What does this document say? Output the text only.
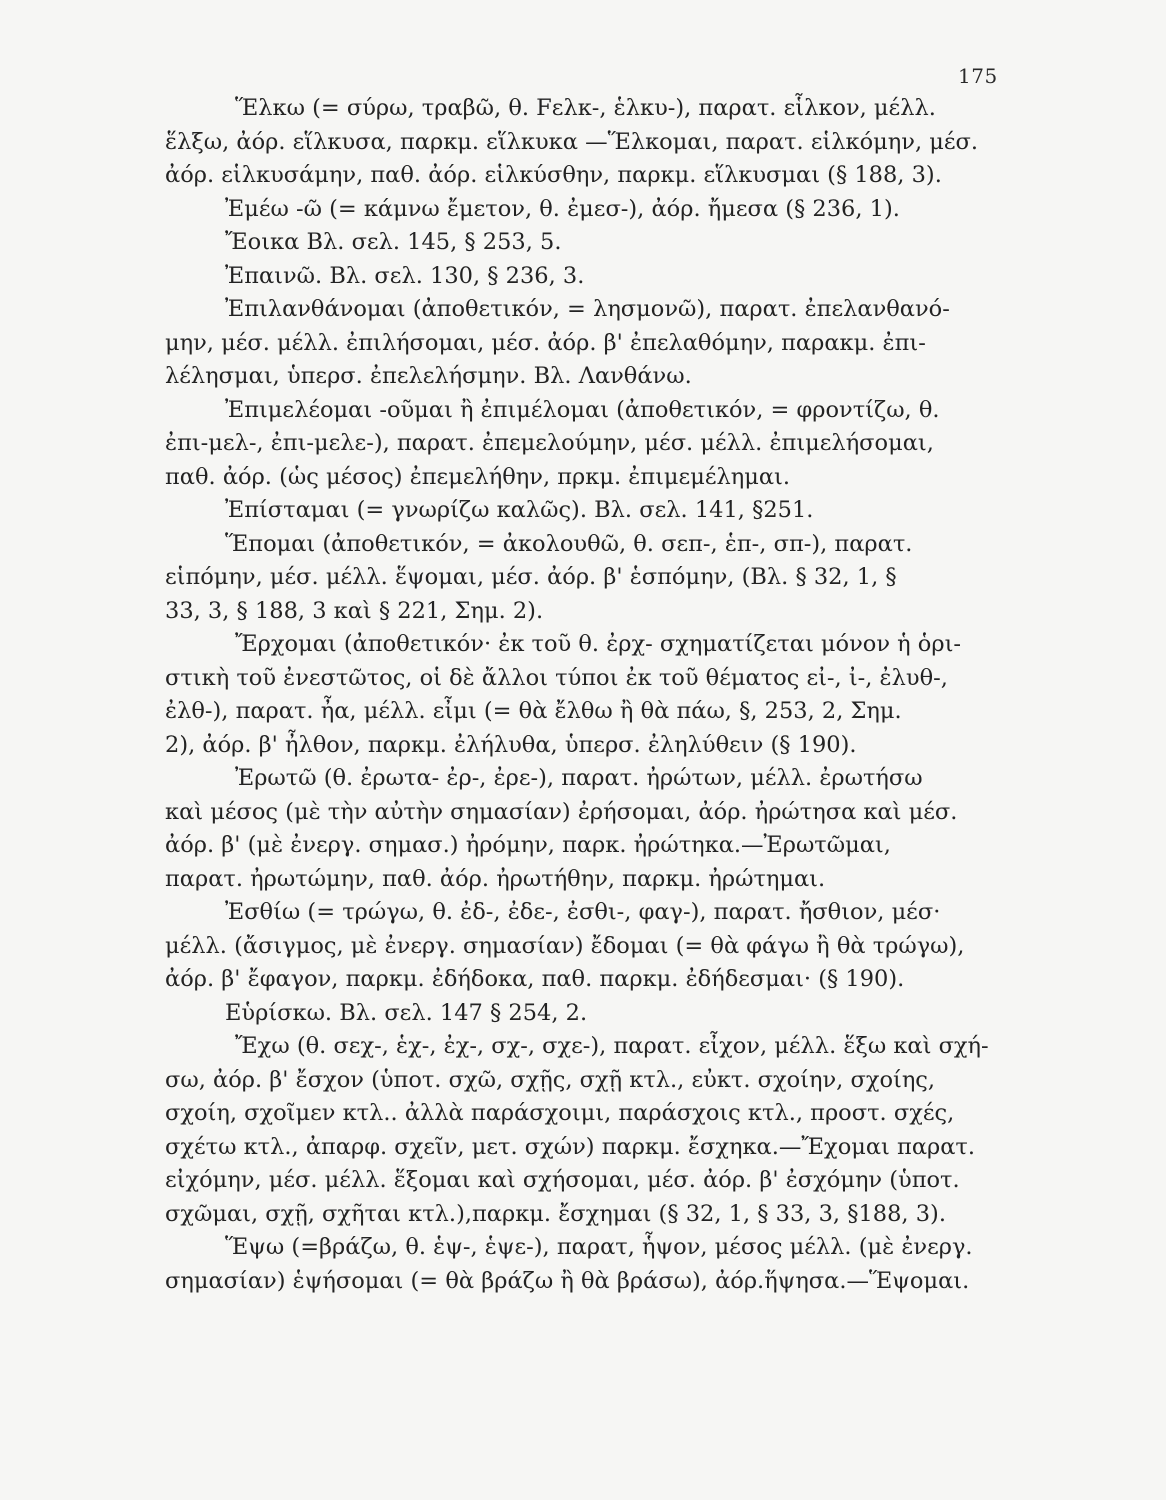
175
Ἕλκω (= σύρω, τραβῶ, θ. Fελκ-, ἑλκυ-), παρατ. εἷλκον, μέλλ.
ἕλξω, ἀόρ. εἵλκυσα, παρκμ. εἵλκυκα —Ἕλκομαι, παρατ. εἱλκόμην, μέσ.
ἀόρ. εἱλκυσάμην, παθ. ἀόρ. εἱλκύσθην, παρκμ. εἵλκυσμαι (§ 188, 3).
Ἐμέω -ῶ (= κάμνω ἔμετον, θ. ἐμεσ-), ἀόρ. ἤμεσα (§ 236, 1).
Ἔοικα Βλ. σελ. 145, § 253, 5.
Ἐπαινῶ. Βλ. σελ. 130, § 236, 3.
Ἐπιλανθάνομαι (ἀποθετικόν, = λησμονῶ), παρατ. ἐπελανθανό-
μην, μέσ. μέλλ. ἐπιλήσομαι, μέσ. ἀόρ. β' ἐπελαθόμην, παρακμ. ἐπι-
λέλησμαι, ὑπερσ. ἐπελελήσμην. Βλ. Λανθάνω.
Ἐπιμελέομαι -οῦμαι ἢ ἐπιμέλομαι (ἀποθετικόν, = φροντίζω, θ.
ἐπι-μελ-, ἐπι-μελε-), παρατ. ἐπεμελούμην, μέσ. μέλλ. ἐπιμελήσομαι,
παθ. ἀόρ. (ὡς μέσος) ἐπεμελήθην, πρκμ. ἐπιμεμέλημαι.
Ἐπίσταμαι (= γνωρίζω καλῶς). Βλ. σελ. 141, §251.
Ἕπομαι (ἀποθετικόν, = ἀκολουθῶ, θ. σεπ-, ἑπ-, σπ-), παρατ.
εἱπόμην, μέσ. μέλλ. ἕψομαι, μέσ. ἀόρ. β' ἑσπόμην, (Βλ. § 32, 1, §
33, 3, § 188, 3 καὶ § 221, Σημ. 2).
Ἔρχομαι (ἀποθετικόν· ἐκ τοῦ θ. ἐρχ- σχηματίζεται μόνον ἡ ὁρι-
στικὴ τοῦ ἐνεστῶτος, οἱ δὲ ἄλλοι τύποι ἐκ τοῦ θέματος εἰ-, ἰ-, ἐλυθ-,
ἐλθ-), παρατ. ἦα, μέλλ. εἶμι (= θὰ ἔλθω ἢ θὰ πάω, §, 253, 2, Σημ.
2), ἀόρ. β' ἦλθον, παρκμ. ἐλήλυθα, ὑπερσ. ἐληλύθειν (§ 190).
Ἐρωτῶ (θ. ἐρωτα- ἐρ-, ἐρε-), παρατ. ἠρώτων, μέλλ. ἐρωτήσω
καὶ μέσος (μὲ τὴν αὐτὴν σημασίαν) ἐρήσομαι, ἀόρ. ἠρώτησα καὶ μέσ.
ἀόρ. β' (μὲ ἐνεργ. σημασ.) ἠρόμην, παρκ. ἠρώτηκα.—Ἐρωτῶμαι,
παρατ. ἠρωτώμην, παθ. ἀόρ. ἠρωτήθην, παρκμ. ἠρώτημαι.
Ἐσθίω (= τρώγω, θ. ἐδ-, ἐδε-, ἐσθι-, φαγ-), παρατ. ἤσθιον, μέσ·
μέλλ. (ἄσιγμος, μὲ ἐνεργ. σημασίαν) ἔδομαι (= θὰ φάγω ἢ θὰ τρώγω),
ἀόρ. β' ἔφαγον, παρκμ. ἐδήδοκα, παθ. παρκμ. ἐδήδεσμαι· (§ 190).
Εὑρίσκω. Βλ. σελ. 147 § 254, 2.
Ἔχω (θ. σεχ-, ἑχ-, ἐχ-, σχ-, σχε-), παρατ. εἶχον, μέλλ. ἕξω καὶ σχή-
σω, ἀόρ. β' ἔσχον (ὑποτ. σχῶ, σχῇς, σχῇ κτλ., εὐκτ. σχοίην, σχοίης,
σχοίη, σχοῖμεν κτλ.. ἀλλὰ παράσχοιμι, παράσχοις κτλ., προστ. σχές,
σχέτω κτλ., ἀπαρφ. σχεῖν, μετ. σχών) παρκμ. ἔσχηκα.—Ἔχομαι παρατ.
εἰχόμην, μέσ. μέλλ. ἕξομαι καὶ σχήσομαι, μέσ. ἀόρ. β' ἐσχόμην (ὑποτ.
σχῶμαι, σχῇ, σχῆται κτλ.),παρκμ. ἔσχημαι (§ 32, 1, § 33, 3, §188, 3).
Ἕψω (=βράζω, θ. ἑψ-, ἑψε-), παρατ, ἧψον, μέσος μέλλ. (μὲ ἐνεργ.
σημασίαν) ἑψήσομαι (= θὰ βράζω ἢ θὰ βράσω), ἀόρ.ἥψησα.—Ἕψομαι.
